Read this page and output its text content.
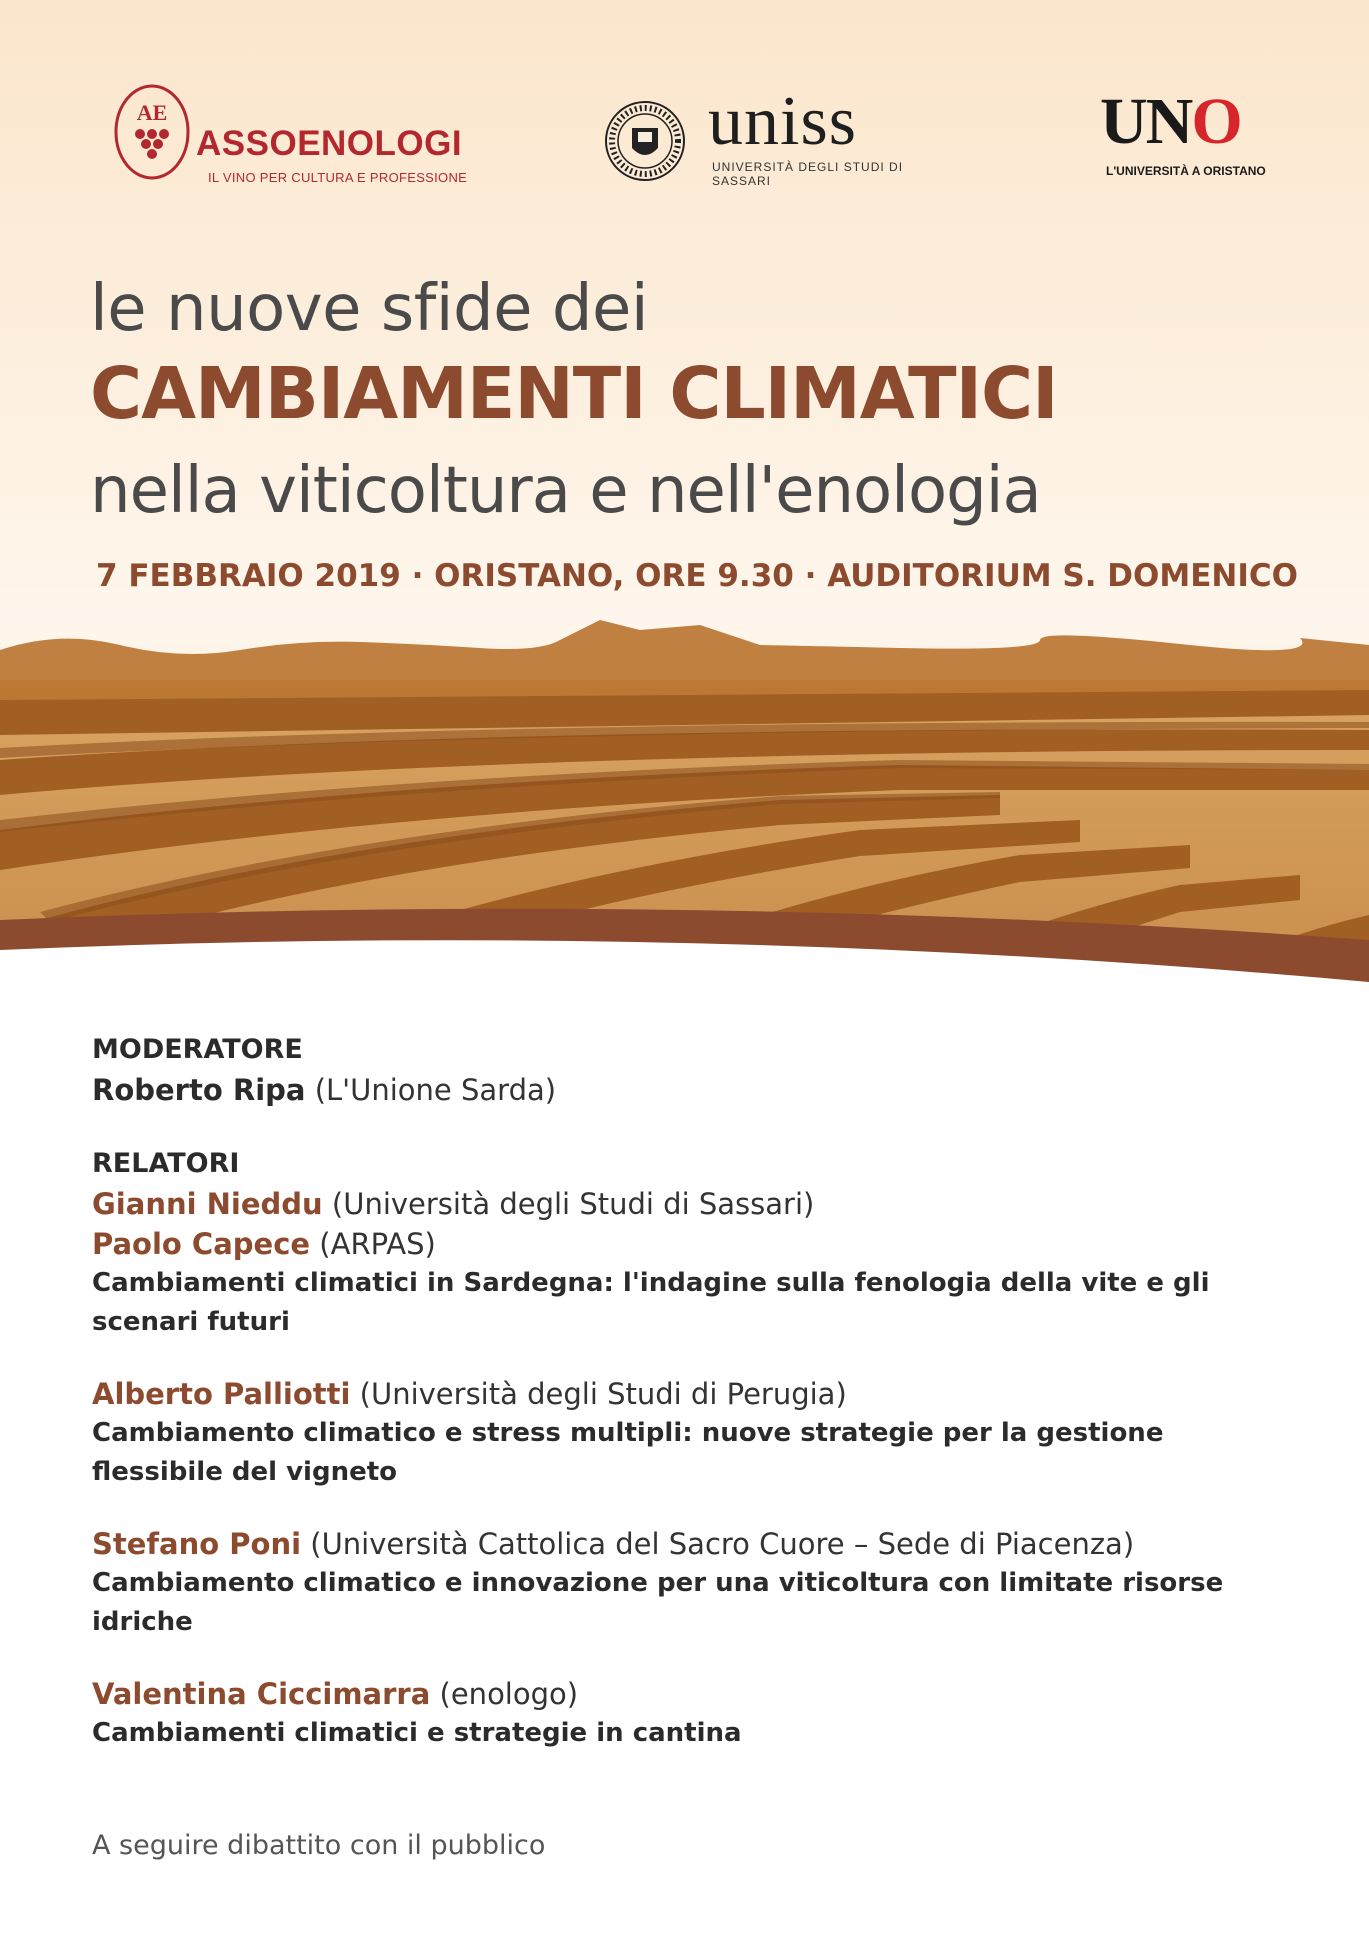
AE
ASSOENOLOGI
IL VINO PER CULTURA E PROFESSIONE
uniss
UNIVERSITÀ DEGLI STUDI DI SASSARI
UNO
L'UNIVERSITÀ A ORISTANO
le nuove sfide dei
CAMBIAMENTI CLIMATICI
nella viticoltura e nell'enologia
7 FEBBRAIO 2019 · ORISTANO, ORE 9.30 · AUDITORIUM S. DOMENICO
MODERATORE
Roberto Ripa (L'Unione Sarda)
RELATORI
Gianni Nieddu (Università degli Studi di Sassari)
Paolo Capece (ARPAS)
Cambiamenti climatici in Sardegna: l'indagine sulla fenologia della vite e gli scenari futuri
Alberto Palliotti (Università degli Studi di Perugia)
Cambiamento climatico e stress multipli: nuove strategie per la gestione flessibile del vigneto
Stefano Poni (Università Cattolica del Sacro Cuore – Sede di Piacenza)
Cambiamento climatico e innovazione per una viticoltura con limitate risorse idriche
Valentina Ciccimarra (enologo)
Cambiamenti climatici e strategie in cantina
A seguire dibattito con il pubblico
